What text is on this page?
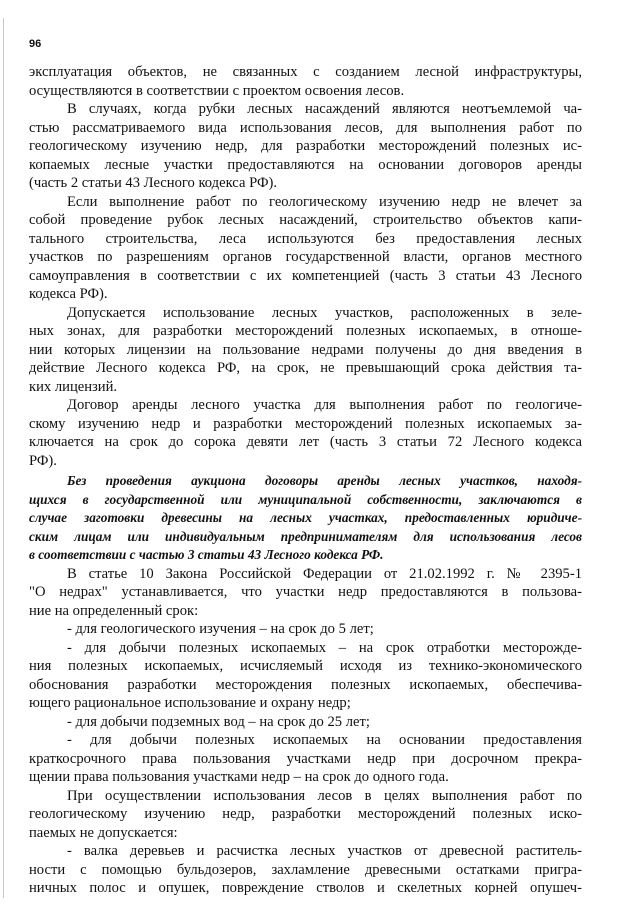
96

эксплуатация объектов, не связанных с созданием лесной инфраструктуры,
осуществляются в соответствии с проектом освоения лесов.

В случаях, когда рубки лесных насаждений являются неотъемлемой ча-
стью рассматриваемого вида использования лесов, для выполнения работ по
геологическому изучению недр, для разработки месторождений полезных ис-
копаемых лесные участки предоставляются на основании договоров аренды
(часть 2 статьи 43 Лесного кодекса РФ).

Если выполнение работ по геологическому изучению недр не влечет за
собой проведение рубок лесных насаждений, строительство объектов капи-
тального строительства, леса используются без предоставления лесных
участков по разрешениям органов государственной власти, органов местного
самоуправления в соответствии с их компетенцией (часть 3 статьи 43 Лесного
кодекса РФ).

Допускается использование лесных участков, расположенных в зеле-
ных зонах, для разработки месторождений полезных ископаемых, в отноше-
нии которых лицензии на пользование недрами получены до дня введения в
действие Лесного кодекса РФ, на срок, не превышающий срока действия та-
ких лицензий.

Договор аренды лесного участка для выполнения работ по геологиче-
скому изучению недр и разработки месторождений полезных ископаемых за-
ключается на срок до сорока девяти лет (часть 3 статьи 72 Лесного кодекса
РФ).

Без проведения аукциона договоры аренды лесных участков, находя-
щихся в государственной или муниципальной собственности, заключаются в
случае заготовки древесины на лесных участках, предоставленных юридиче-
ским лицам или индивидуальным предпринимателям для использования лесов
в соответствии с частью 3 статьи 43 Лесного кодекса РФ.

В статье 10 Закона Российской Федерации от 21.02.1992 г. № 2395-1
"О недрах" устанавливается, что участки недр предоставляются в пользова-
ние на определенный срок:

- для геологического изучения – на срок до 5 лет;

- для добычи полезных ископаемых – на срок отработки месторожде-
ния полезных ископаемых, исчисляемый исходя из технико-экономического
обоснования разработки месторождения полезных ископаемых, обеспечива-
ющего рациональное использование и охрану недр;

- для добычи подземных вод – на срок до 25 лет;

- для добычи полезных ископаемых на основании предоставления
краткосрочного права пользования участками недр при досрочном прекра-
щении права пользования участками недр – на срок до одного года.

При осуществлении использования лесов в целях выполнения работ по
геологическому изучению недр, разработки месторождений полезных иско-
паемых не допускается:

- валка деревьев и расчистка лесных участков от древесной раститель-
ности с помощью бульдозеров, захламление древесными остатками пригра-
ничных полос и опушек, повреждение стволов и скелетных корней опушеч-
